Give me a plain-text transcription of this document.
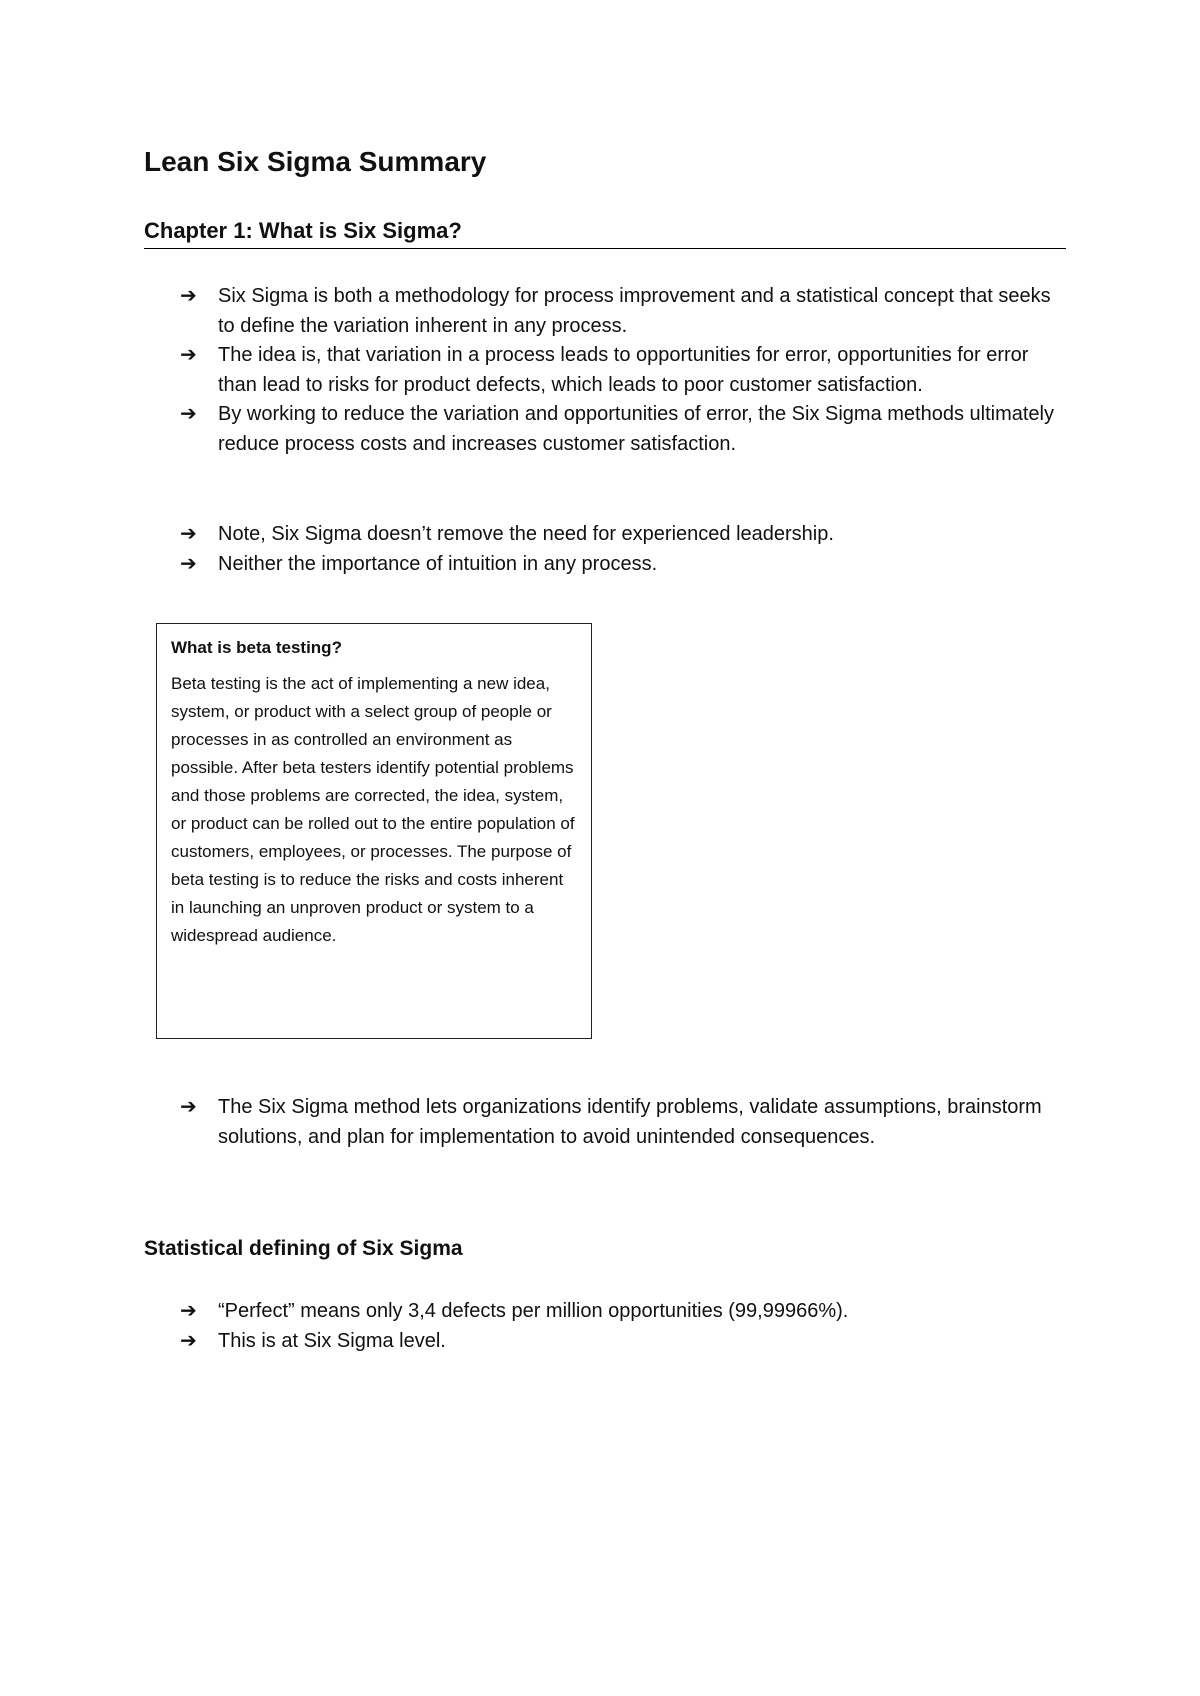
Lean Six Sigma Summary
Chapter 1: What is Six Sigma?
➔ Six Sigma is both a methodology for process improvement and a statistical concept that seeks to define the variation inherent in any process.
➔ The idea is, that variation in a process leads to opportunities for error, opportunities for error than lead to risks for product defects, which leads to poor customer satisfaction.
➔ By working to reduce the variation and opportunities of error, the Six Sigma methods ultimately reduce process costs and increases customer satisfaction.
➔ Note, Six Sigma doesn’t remove the need for experienced leadership.
➔ Neither the importance of intuition in any process.

What is beta testing?

Beta testing is the act of implementing a new idea, system, or product with a select group of people or processes in as controlled an environment as possible. After beta testers identify potential problems and those problems are corrected, the idea, system, or product can be rolled out to the entire population of customers, employees, or processes. The purpose of beta testing is to reduce the risks and costs inherent in launching an unproven product or system to a widespread audience.

➔ The Six Sigma method lets organizations identify problems, validate assumptions, brainstorm solutions, and plan for implementation to avoid unintended consequences.
Statistical defining of Six Sigma
➔ “Perfect” means only 3,4 defects per million opportunities (99,99966%).
➔ This is at Six Sigma level.
